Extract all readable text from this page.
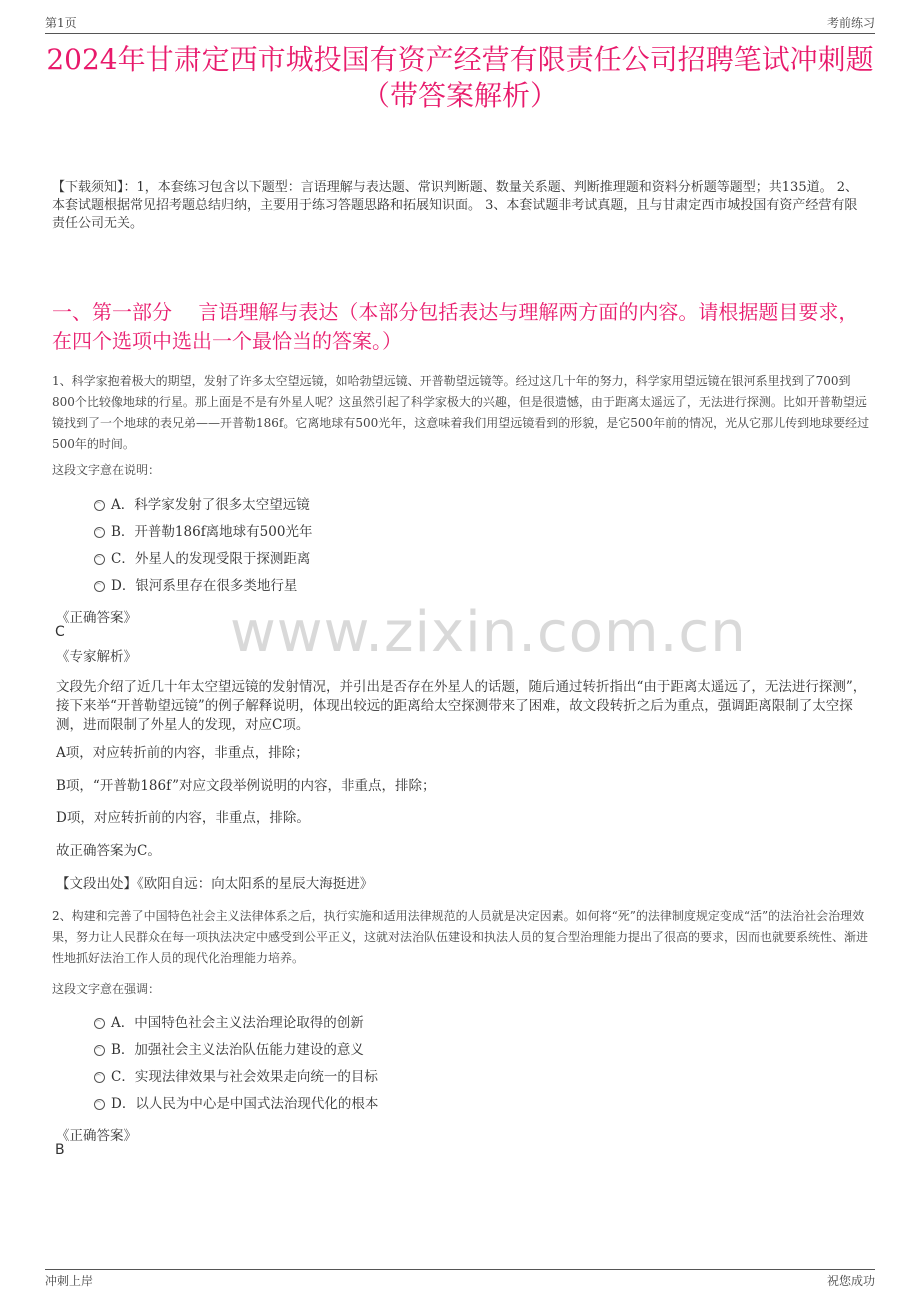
第1页	考前练习
2024年甘肃定西市城投国有资产经营有限责任公司招聘笔试冲刺题（带答案解析）
【下载须知】：1，本套练习包含以下题型：言语理解与表达题、常识判断题、数量关系题、判断推理题和资料分析题等题型；共135道。 2、本套试题根据常见招考题总结归纳，主要用于练习答题思路和拓展知识面。 3、本套试题非考试真题，且与甘肃定西市城投国有资产经营有限责任公司无关。
一、第一部分　 言语理解与表达（本部分包括表达与理解两方面的内容。请根据题目要求，在四个选项中选出一个最恰当的答案。）
1、科学家抱着极大的期望，发射了许多太空望远镜，如哈勃望远镜、开普勒望远镜等。经过这几十年的努力，科学家用望远镜在银河系里找到了700到800个比较像地球的行星。那上面是不是有外星人呢？这虽然引起了科学家极大的兴趣，但是很遗憾，由于距离太遥远了，无法进行探测。比如开普勒望远镜找到了一个地球的表兄弟——开普勒186f。它离地球有500光年，这意味着我们用望远镜看到的形貌，是它500年前的情况，光从它那儿传到地球要经过500年的时间。
这段文字意在说明：
A．科学家发射了很多太空望远镜
B．开普勒186f离地球有500光年
C．外星人的发现受限于探测距离
D．银河系里存在很多类地行星
《正确答案》
C
《专家解析》 www.zixin.com.cn
文段先介绍了近几十年太空望远镜的发射情况，并引出是否存在外星人的话题，随后通过转折指出“由于距离太遥远了，无法进行探测”，接下来举“开普勒望远镜”的例子解释说明，体现出较远的距离给太空探测带来了困难，故文段转折之后为重点，强调距离限制了太空探测，进而限制了外星人的发现，对应C项。
A项，对应转折前的内容，非重点，排除；
B项，“开普勒186f”对应文段举例说明的内容，非重点，排除；
D项，对应转折前的内容，非重点，排除。
故正确答案为C。
【文段出处】《欧阳自远：向太阳系的星辰大海挺进》
2、构建和完善了中国特色社会主义法律体系之后，执行实施和适用法律规范的人员就是决定因素。如何将“死”的法律制度规定变成“活”的法治社会治理效果，努力让人民群众在每一项执法决定中感受到公平正义，这就对法治队伍建设和执法人员的复合型治理能力提出了很高的要求，因而也就要系统性、渐进性地抓好法治工作人员的现代化治理能力培养。
这段文字意在强调：
A．中国特色社会主义法治理论取得的创新
B．加强社会主义法治队伍能力建设的意义
C．实现法律效果与社会效果走向统一的目标
D．以人民为中心是中国式法治现代化的根本
《正确答案》
B
冲刺上岸	祝您成功
